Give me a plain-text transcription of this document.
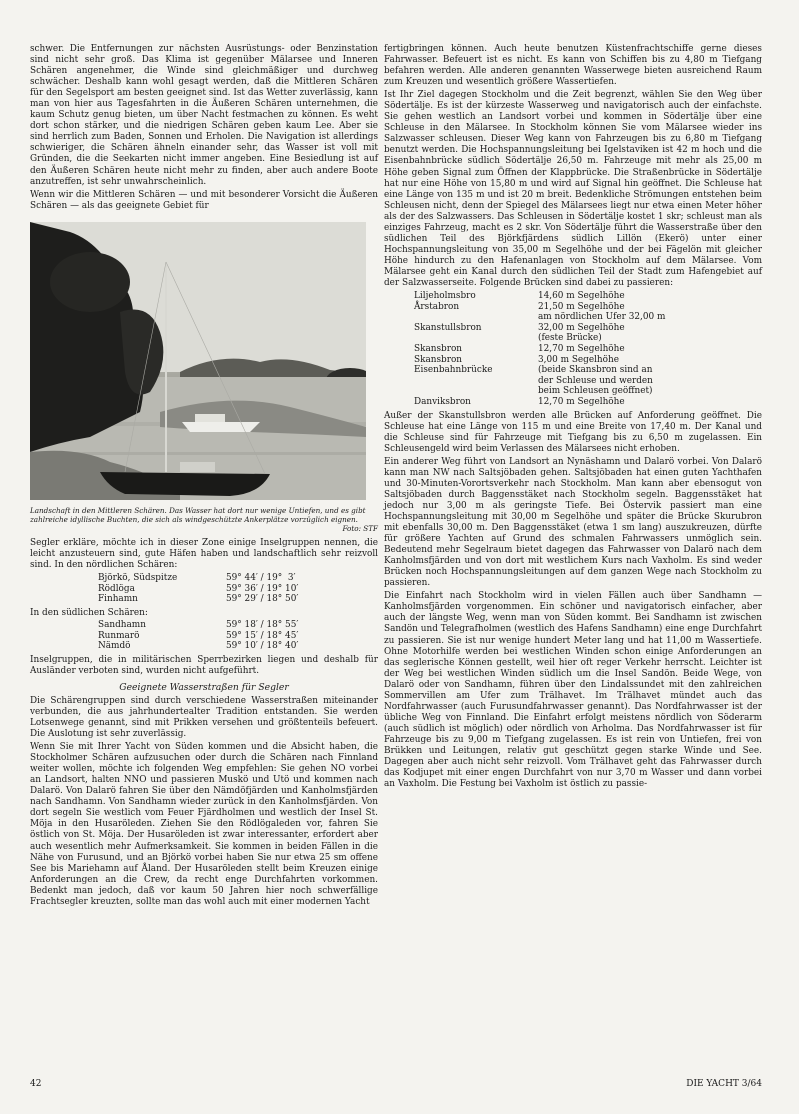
schwer. Die Entfernungen zur nächsten Ausrüstungs- oder Benzinstation sind nicht sehr groß. Das Klima ist gegenüber Mälarsee und Inneren Schären angenehmer, die Winde sind gleichmäßiger und durchweg schwächer. Deshalb kann wohl gesagt werden, daß die Mittleren Schären für den Segelsport am besten geeignet sind. Ist das Wetter zuverlässig, kann man von hier aus Tagesfahrten in die Äußeren Schären unternehmen, die kaum Schutz genug bieten, um über Nacht festmachen zu können. Es weht dort schon stärker, und die niedrigen Schären geben kaum Lee. Aber sie sind herrlich zum Baden, Sonnen und Erholen. Die Navigation ist allerdings schwieriger, die Schären ähneln einander sehr, das Wasser ist voll mit Gründen, die die Seekarten nicht immer angeben. Eine Besiedlung ist auf den Äußeren Schären heute nicht mehr zu finden, aber auch andere Boote anzutreffen, ist sehr unwahrscheinlich.

Wenn wir die Mittleren Schären — und mit besonderer Vorsicht die Äußeren Schären — als das geeignete Gebiet für

Landschaft in den Mittleren Schären. Das Wasser hat dort nur wenige Untiefen, und es gibt zahlreiche idyllische Buchten, die sich als windgeschützte Ankerplätze vorzüglich eignen.
Foto: STF

Segler erkläre, möchte ich in dieser Zone einige Inselgruppen nennen, die leicht anzusteuern sind, gute Häfen haben und landschaftlich sehr reizvoll sind. In den nördlichen Schären:

Björkö, Südspitze	59° 44′ / 19°  3′
Rödlöga	59° 36′ / 19° 10′
Finhamn	59° 29′ / 18° 50′

In den südlichen Schären:

Sandhamn	59° 18′ / 18° 55′
Runmarö	59° 15′ / 18° 45′
Nämdö	59° 10′ / 18° 40′

Inselgruppen, die in militärischen Sperrbezirken liegen und deshalb für Ausländer verboten sind, wurden nicht aufgeführt.

Geeignete Wasserstraßen für Segler

Die Schärengruppen sind durch verschiedene Wasserstraßen miteinander verbunden, die aus jahrhundertealter Tradition entstanden. Sie werden Lotsenwege genannt, sind mit Prikken versehen und größtenteils befeuert. Die Auslotung ist sehr zuverlässig.

Wenn Sie mit Ihrer Yacht von Süden kommen und die Absicht haben, die Stockholmer Schären aufzusuchen oder durch die Schären nach Finnland weiter wollen, möchte ich folgenden Weg empfehlen: Sie gehen NO vorbei an Landsort, halten NNO und passieren Muskö und Utö und kommen nach Dalarö. Von Dalarö fahren Sie über den Nämdöfjärden und Kanholmsfjärden nach Sandhamn. Von Sandhamn wieder zurück in den Kanholmsfjärden. Von dort segeln Sie westlich vom Feuer Fjärdholmen und westlich der Insel St. Möja in den Husaröleden. Ziehen Sie den Rödlögaleden vor, fahren Sie östlich von St. Möja. Der Husaröleden ist zwar interessanter, erfordert aber auch wesentlich mehr Aufmerksamkeit. Sie kommen in beiden Fällen in die Nähe von Furusund, und an Björkö vorbei haben Sie nur etwa 25 sm offene See bis Mariehamn auf Åland. Der Husaröleden stellt beim Kreuzen einige Anforderungen an die Crew, da recht enge Durchfahrten vorkommen. Bedenkt man jedoch, daß vor kaum 50 Jahren hier noch schwerfällige Frachtsegler kreuzten, sollte man das wohl auch mit einer modernen Yacht

fertigbringen können. Auch heute benutzen Küstenfrachtschiffe gerne dieses Fahrwasser. Befeuert ist es nicht. Es kann von Schiffen bis zu 4,80 m Tiefgang befahren werden. Alle anderen genannten Wasserwege bieten ausreichend Raum zum Kreuzen und wesentlich größere Wassertiefen.

Ist Ihr Ziel dagegen Stockholm und die Zeit begrenzt, wählen Sie den Weg über Södertälje. Es ist der kürzeste Wasserweg und navigatorisch auch der einfachste. Sie gehen westlich an Landsort vorbei und kommen in Södertälje über eine Schleuse in den Mälarsee. In Stockholm können Sie vom Mälarsee wieder ins Salzwasser schleusen. Dieser Weg kann von Fahrzeugen bis zu 6,80 m Tiefgang benutzt werden. Die Hochspannungsleitung bei Igelstaviken ist 42 m hoch und die Eisenbahnbrücke südlich Södertälje 26,50 m. Fahrzeuge mit mehr als 25,00 m Höhe geben Signal zum Öffnen der Klappbrücke. Die Straßenbrücke in Södertälje hat nur eine Höhe von 15,80 m und wird auf Signal hin geöffnet. Die Schleuse hat eine Länge von 135 m und ist 20 m breit. Bedenkliche Strömungen entstehen beim Schleusen nicht, denn der Spiegel des Mälarsees liegt nur etwa einen Meter höher als der des Salzwassers. Das Schleusen in Södertälje kostet 1 skr; schleust man als einziges Fahrzeug, macht es 2 skr. Von Södertälje führt die Wasserstraße über den südlichen Teil des Björkfjärdens südlich Lillön (Ekerö) unter einer Hochspannungsleitung von 35,00 m Segelhöhe und der bei Fägelön mit gleicher Höhe hindurch zu den Hafenanlagen von Stockholm auf dem Mälarsee. Vom Mälarsee geht ein Kanal durch den südlichen Teil der Stadt zum Hafengebiet auf der Salzwasserseite. Folgende Brücken sind dabei zu passieren:

Liljeholmsbro	14,60 m Segelhöhe
Årstabron	21,50 m Segelhöhe
am nördlichen Ufer 32,00 m
Skanstullsbron	32,00 m Segelhöhe
(feste Brücke)
Skansbron	12,70 m Segelhöhe
Skansbron	3,00 m Segelhöhe
Eisenbahnbrücke	(beide Skansbron sind an
der Schleuse und werden
beim Schleusen geöffnet)
Danviksbron	12,70 m Segelhöhe

Außer der Skanstullsbron werden alle Brücken auf Anforderung geöffnet. Die Schleuse hat eine Länge von 115 m und eine Breite von 17,40 m. Der Kanal und die Schleuse sind für Fahrzeuge mit Tiefgang bis zu 6,50 m zugelassen. Ein Schleusengeld wird beim Verlassen des Mälarsees nicht erhoben.

Ein anderer Weg führt von Landsort an Nynäshamn und Dalarö vorbei. Von Dalarö kann man NW nach Saltsjöbaden gehen. Saltsjöbaden hat einen guten Yachthafen und 30-Minuten-Vorortsverkehr nach Stockholm. Man kann aber ebensogut von Saltsjöbaden durch Baggensstäket nach Stockholm segeln. Baggensstäket hat jedoch nur 3,00 m als geringste Tiefe. Bei Östervik passiert man eine Hochspannungsleitung mit 30,00 m Segelhöhe und später die Brücke Skurubron mit ebenfalls 30,00 m. Den Baggensstäket (etwa 1 sm lang) auszukreuzen, dürfte für größere Yachten auf Grund des schmalen Fahrwassers unmöglich sein. Bedeutend mehr Segelraum bietet dagegen das Fahrwasser von Dalarö nach dem Kanholmsfjärden und von dort mit westlichem Kurs nach Vaxholm. Es sind weder Brücken noch Hochspannungsleitungen auf dem ganzen Wege nach Stockholm zu passieren.

Die Einfahrt nach Stockholm wird in vielen Fällen auch über Sandhamn — Kanholmsfjärden vorgenommen. Ein schöner und navigatorisch einfacher, aber auch der längste Weg, wenn man von Süden kommt. Bei Sandhamn ist zwischen Sandön und Telegrafholmen (westlich des Hafens Sandhamn) eine enge Durchfahrt zu passieren. Sie ist nur wenige hundert Meter lang und hat 11,00 m Wassertiefe. Ohne Motorhilfe werden bei westlichen Winden schon einige Anforderungen an das seglerische Können gestellt, weil hier oft reger Verkehr herrscht. Leichter ist der Weg bei westlichen Winden südlich um die Insel Sandön. Beide Wege, von Dalarö oder von Sandhamn, führen über den Lindalssundet mit den zahlreichen Sommervillen am Ufer zum Trälhavet. Im Trälhavet mündet auch das Nordfahrwasser (auch Furusundfahrwasser genannt). Das Nordfahrwasser ist der übliche Weg von Finnland. Die Einfahrt erfolgt meistens nördlich von Söderarm (auch südlich ist möglich) oder nördlich von Arholma. Das Nordfahrwasser ist für Fahrzeuge bis zu 9,00 m Tiefgang zugelassen. Es ist rein von Untiefen, frei von Brükken und Leitungen, relativ gut geschützt gegen starke Winde und See. Dagegen aber auch nicht sehr reizvoll. Vom Trälhavet geht das Fahrwasser durch das Kodjupet mit einer engen Durchfahrt von nur 3,70 m Wasser und dann vorbei an Vaxholm. Die Festung bei Vaxholm ist östlich zu passie-

42	DIE YACHT 3/64
